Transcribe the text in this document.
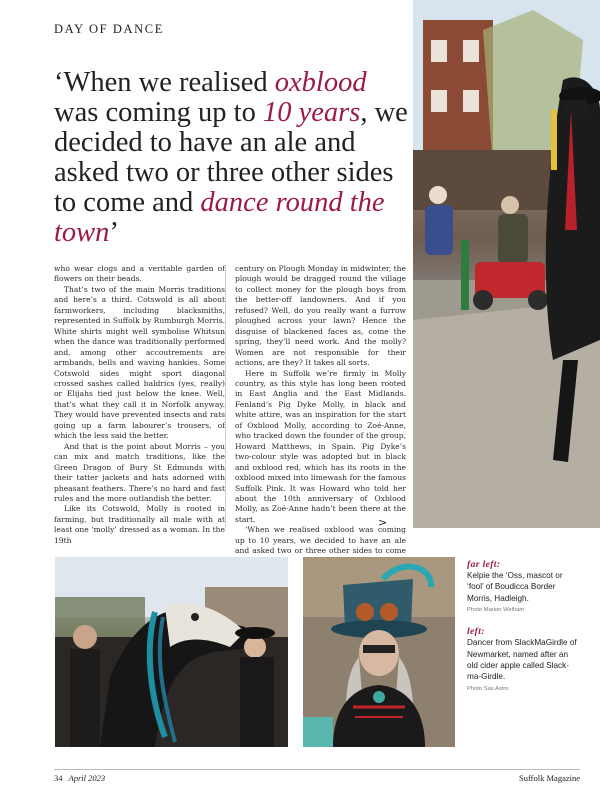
DAY OF DANCE
‘When we realised oxblood was coming up to 10 years, we decided to have an ale and asked two or three other sides to come and dance round the town’

who wear clogs and a veritable garden of flowers on their beads.

That’s two of the main Morris traditions and here’s a third. Cotswold is all about farmworkers, including blacksmiths, represented in Suffolk by Rumburgh Morris. White shirts might well symbolise Whitsun when the dance was traditionally performed and, among other accoutrements are armbands, bells and waving hankies. Some Cotswold sides might sport diagonal crossed sashes called baldrics (yes, really) or Elijahs tied just below the knee. Well, that’s what they call it in Norfolk anyway. They would have prevented insects and rats going up a farm labourer’s trousers, of which the less said the better.

And that is the point about Morris – you can mix and match traditions, like the Green Dragon of Bury St Edmunds with their tatter jackets and hats adorned with pheasant feathers. There’s no hard and fast rules and the more outlandish the better.

Like its Cotswold, Molly is rooted in farming, but traditionally all male with at least one ‘molly’ dressed as a woman. In the 19th

century on Plough Monday in midwinter, the plough would be dragged round the village to collect money for the plough boys from the better-off landowners. And if you refused? Well, do you really want a furrow ploughed across your lawn? Hence the disguise of blackened faces as, come the spring, they’ll need work. And the molly? Women are not responsible for their actions, are they? It takes all sorts.

Here in Suffolk we’re firmly in Molly country, as this style has long been rooted in East Anglia and the East Midlands. Fenland’s Pig Dyke Molly, in black and white attire, was an inspiration for the start of Oxblood Molly, according to Zoé-Anne, who tracked down the founder of the group, Howard Matthews, in Spain. Pig Dyke’s two-colour style was adopted but in black and oxblood red, which has its roots in the oxblood mixed into limewash for the famous Suffolk Pink. It was Howard who told her about the 10th anniversary of Oxblood Molly, as Zoé-Anne hadn’t been there at the start.

‘When we realised oxblood was coming up to 10 years, we decided to have an ale and asked two or three other sides to come

>
far left:
Kelpie the ‘Oss, mascot or ‘fool’ of Boudicca Border Morris, Hadleigh.
Photo Marion Welham
left:
Dancer from SlackMaGirdle of Newmarket, named after an old cider apple called Slack-ma-Girdle.
Photo Sas Astro
34 April 2023	Suffolk Magazine
